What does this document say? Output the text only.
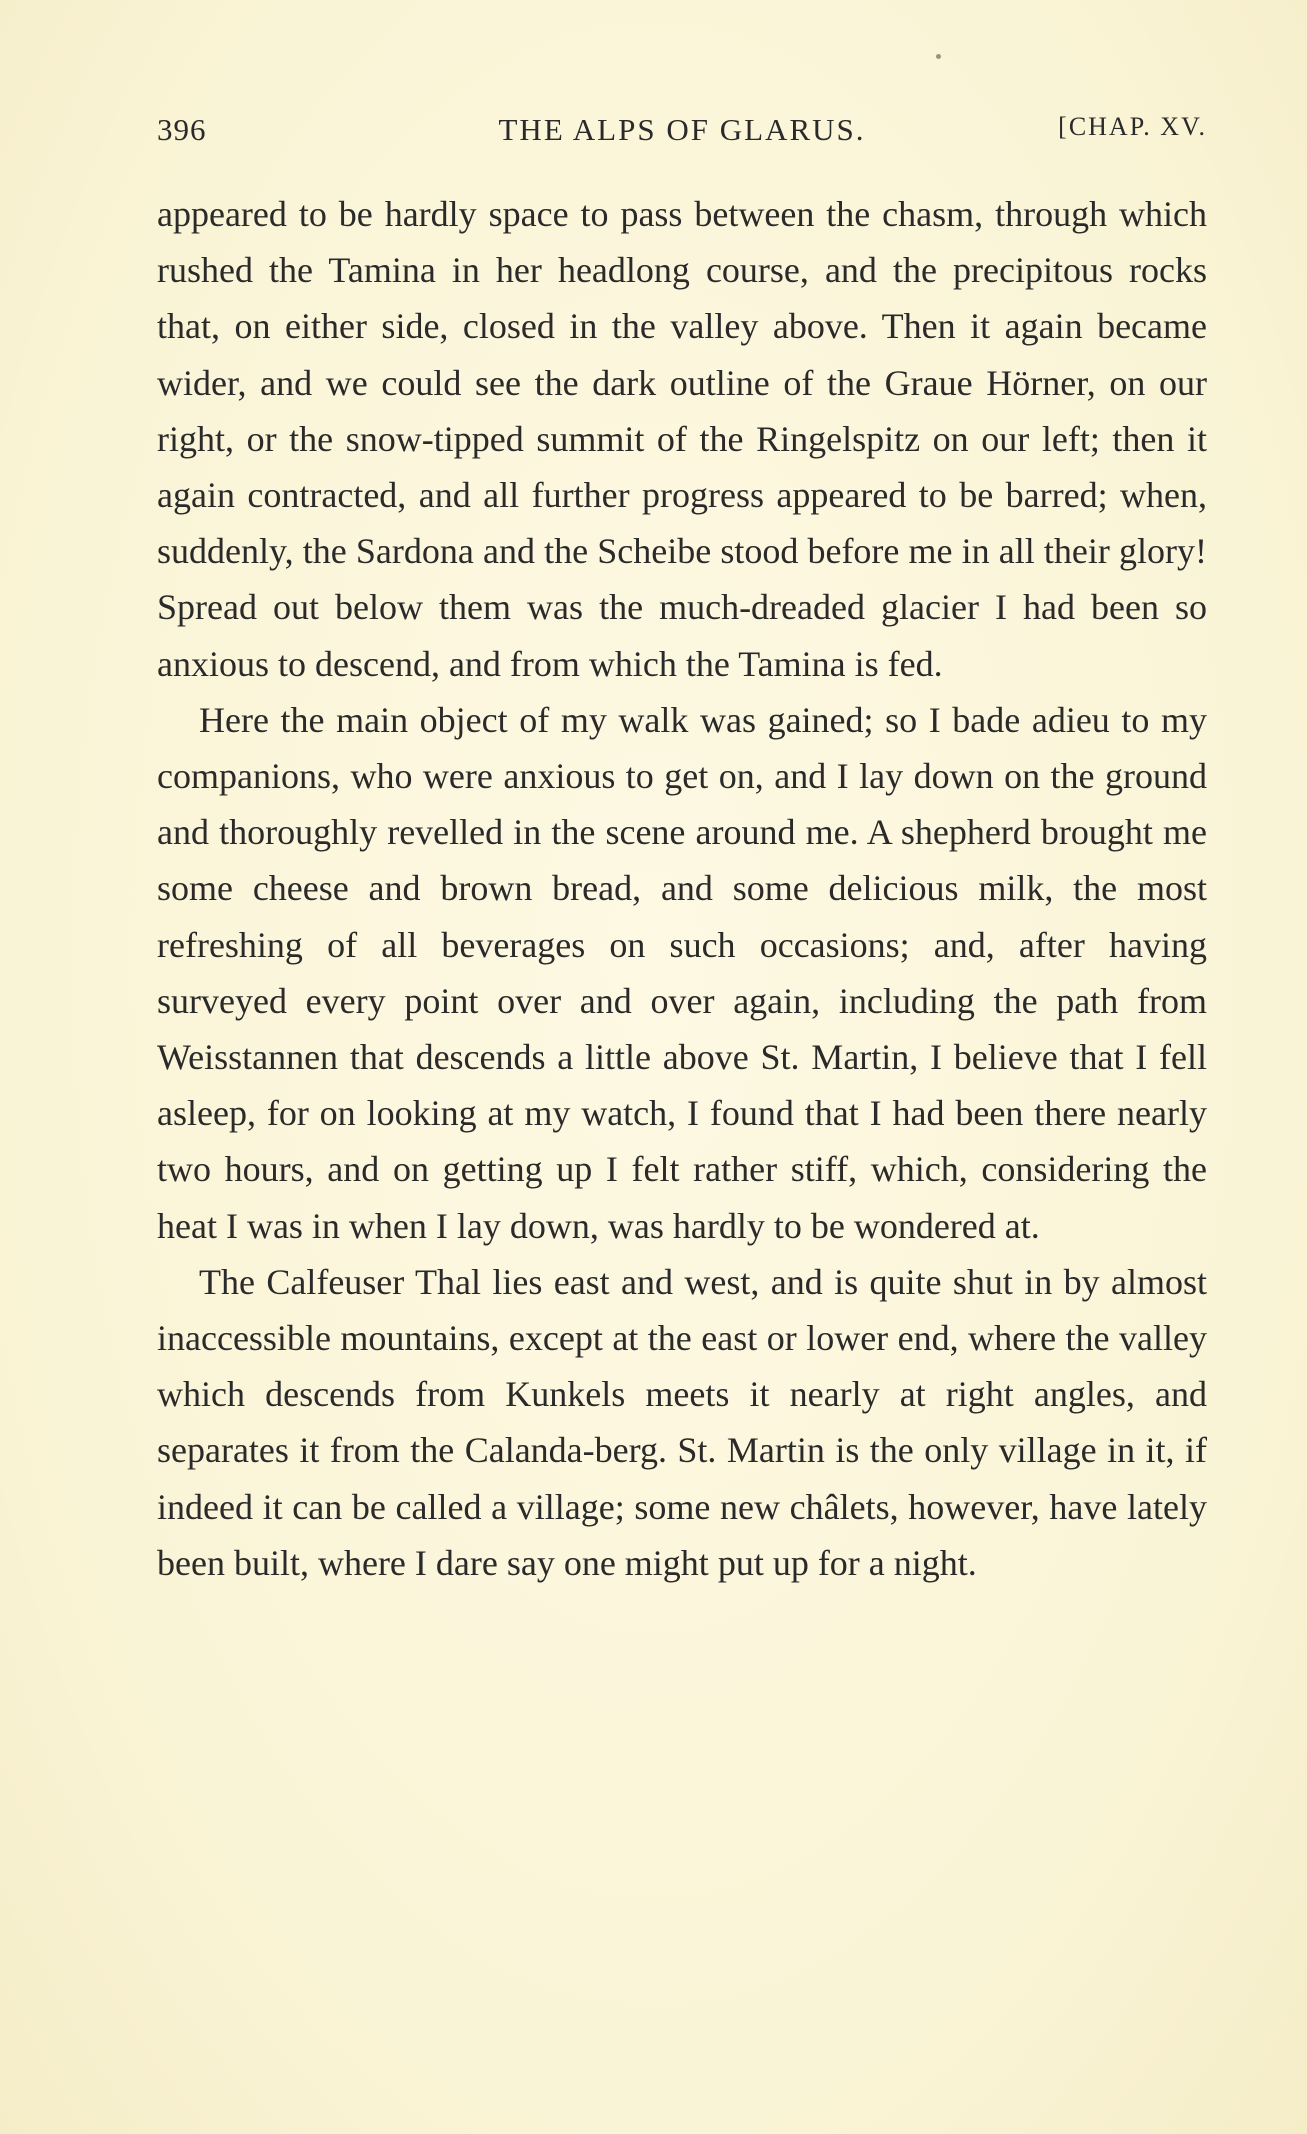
396	THE ALPS OF GLARUS.	[CHAP. XV.

appeared to be hardly space to pass between the chasm, through which rushed the Tamina in her headlong course, and the precipitous rocks that, on either side, closed in the valley above. Then it again became wider, and we could see the dark outline of the Graue Hörner, on our right, or the snow-tipped summit of the Ringelspitz on our left; then it again contracted, and all further progress appeared to be barred; when, suddenly, the Sardona and the Scheibe stood before me in all their glory! Spread out below them was the much-dreaded glacier I had been so anxious to descend, and from which the Tamina is fed.

Here the main object of my walk was gained; so I bade adieu to my companions, who were anxious to get on, and I lay down on the ground and thoroughly revelled in the scene around me. A shepherd brought me some cheese and brown bread, and some delicious milk, the most refreshing of all beverages on such occasions; and, after having surveyed every point over and over again, including the path from Weisstannen that descends a little above St. Martin, I believe that I fell asleep, for on looking at my watch, I found that I had been there nearly two hours, and on getting up I felt rather stiff, which, considering the heat I was in when I lay down, was hardly to be wondered at.

The Calfeuser Thal lies east and west, and is quite shut in by almost inaccessible mountains, except at the east or lower end, where the valley which descends from Kunkels meets it nearly at right angles, and separates it from the Calanda-berg. St. Martin is the only village in it, if indeed it can be called a village; some new châlets, however, have lately been built, where I dare say one might put up for a night.
